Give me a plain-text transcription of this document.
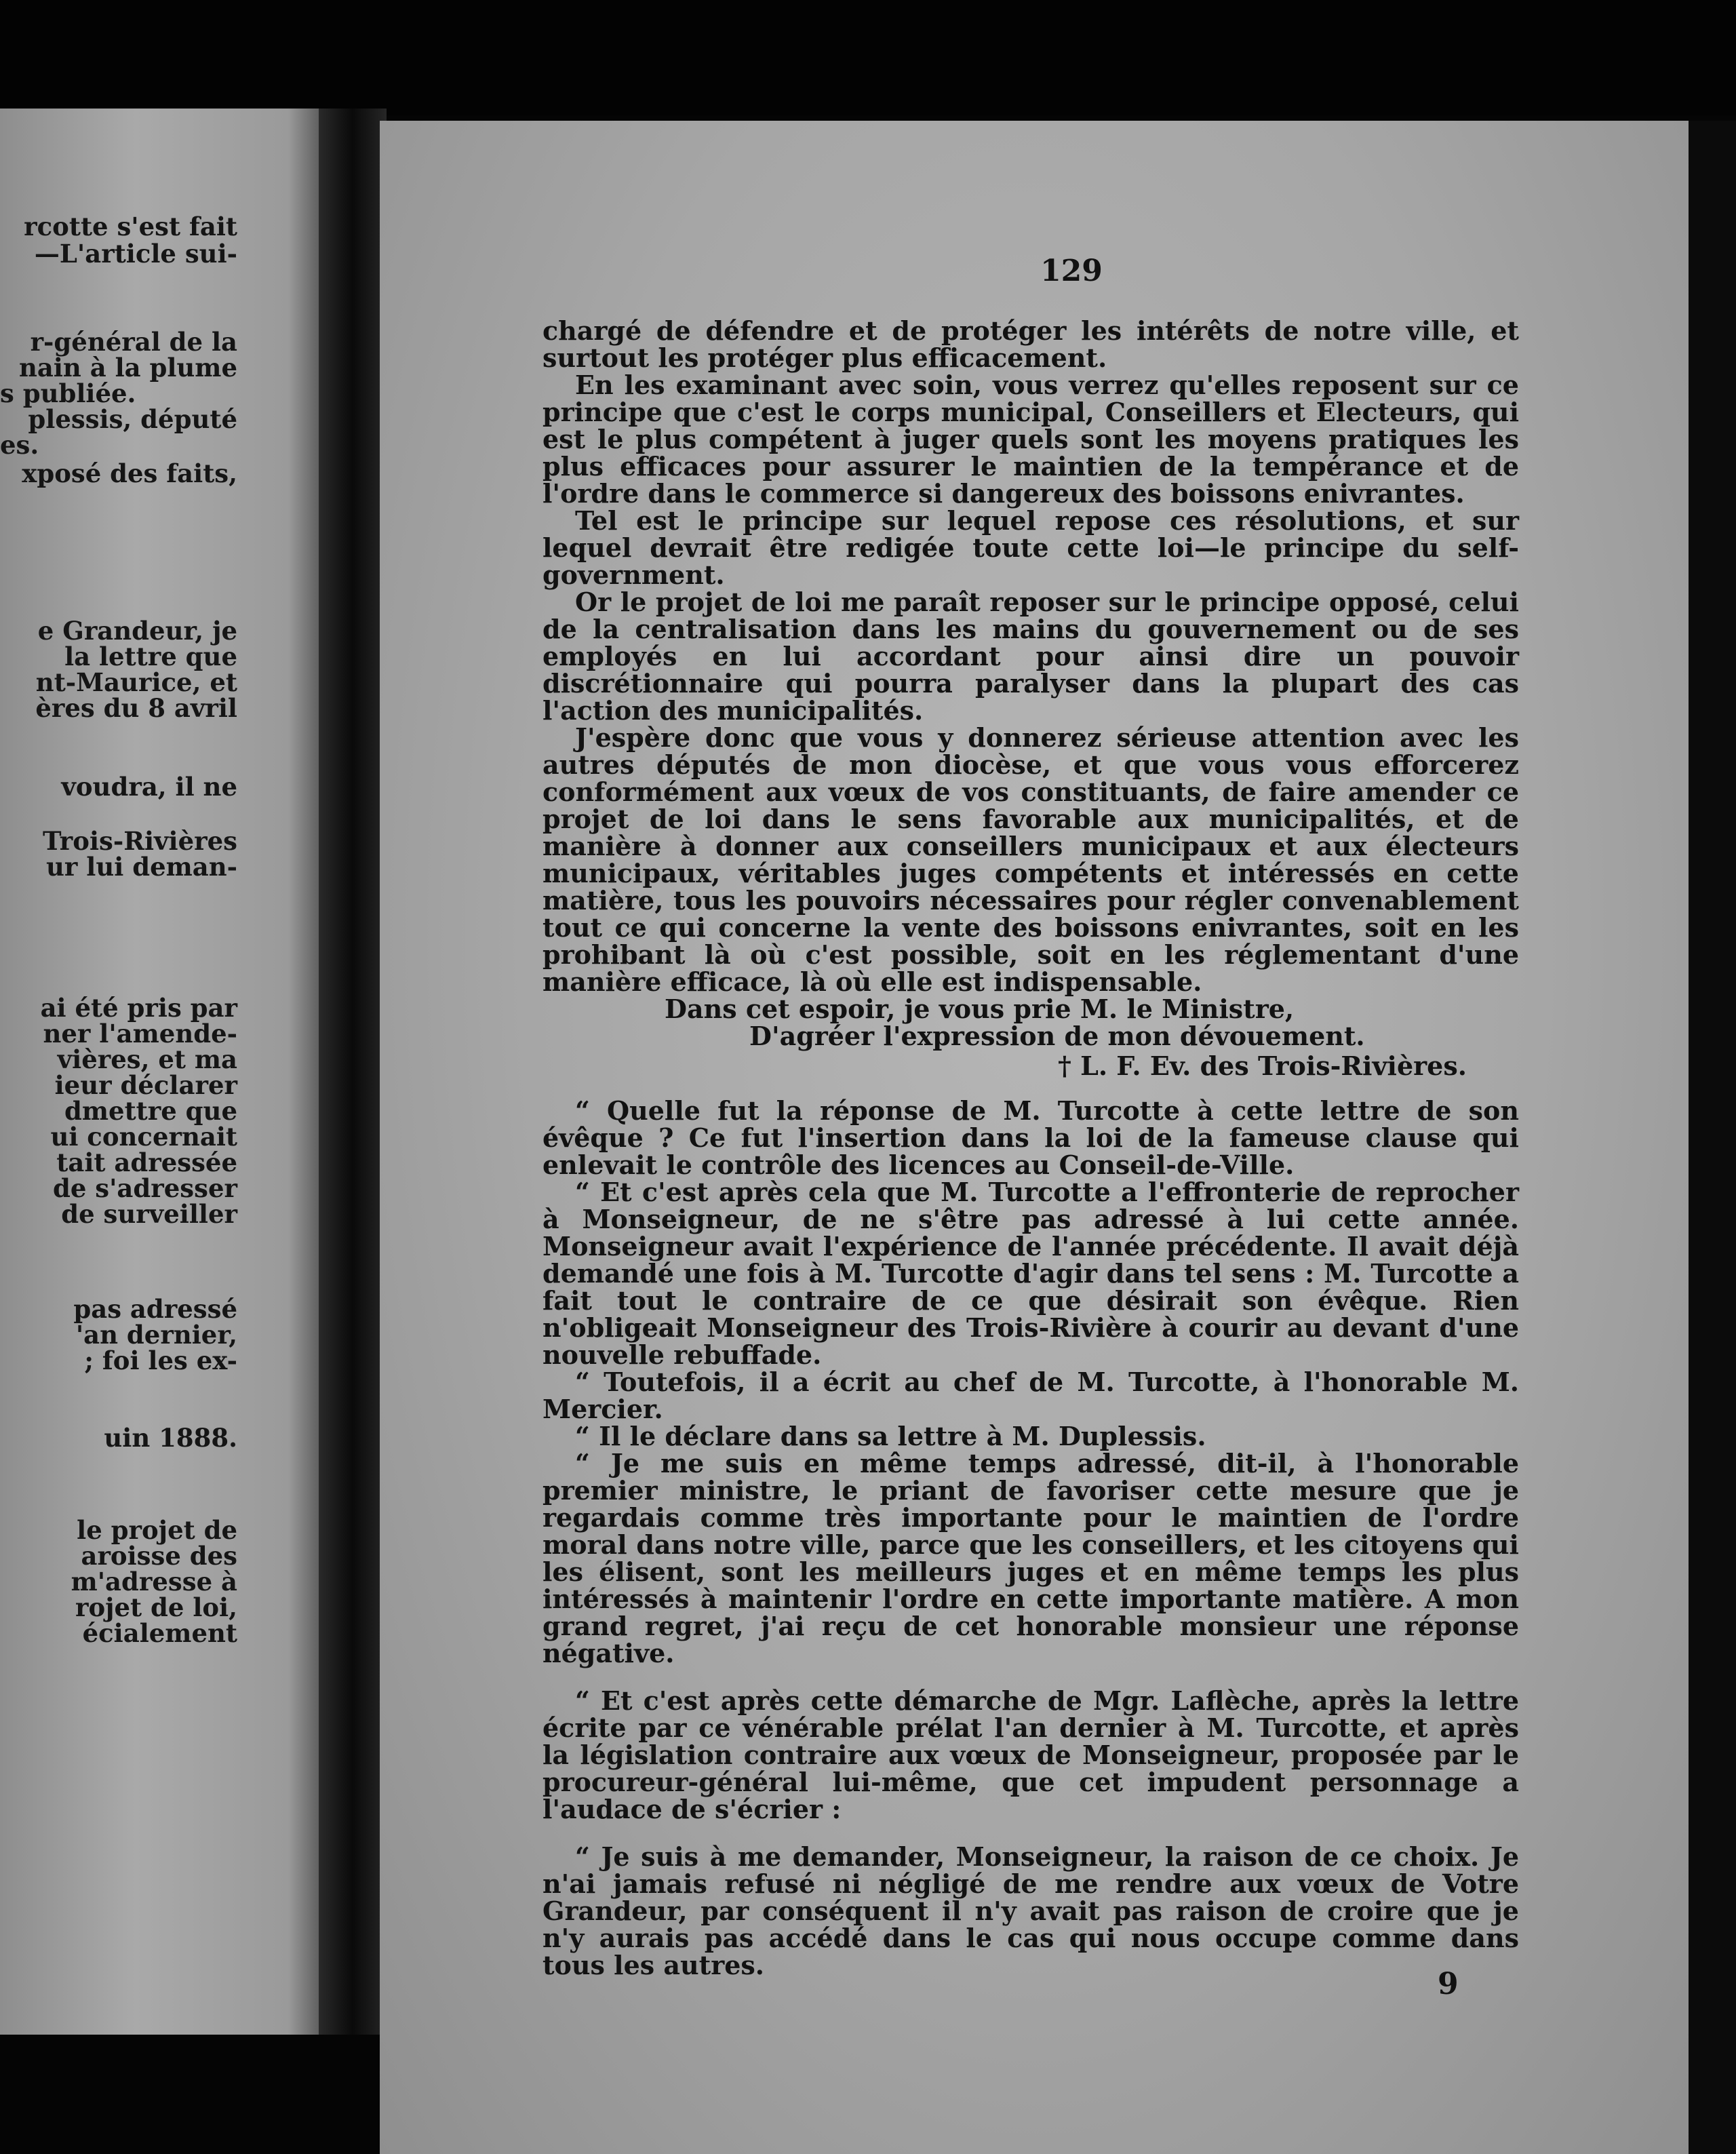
rcotte s'est fait
—L'article sui-
r-général de la
nain à la plume
s publiée.
plessis, député
es.
xposé des faits,
e Grandeur, je
la lettre que
nt-Maurice, et
ères du 8 avril
voudra, il ne
Trois-Rivières
ur lui deman-
ai été pris par
ner l'amende-
vières, et ma
ieur déclarer
dmettre que
ui concernait
tait adressée
de s'adresser
de surveiller
pas adressé
'an dernier,
; foi les ex-
uin 1888.
le projet de
aroisse des
m'adresse à
rojet de loi,
écialement
129

chargé de défendre et de protéger les intérêts de notre ville, et surtout les protéger plus efficacement.

En les examinant avec soin, vous verrez qu'elles reposent sur ce principe que c'est le corps municipal, Conseillers et Electeurs, qui est le plus compétent à juger quels sont les moyens pratiques les plus efficaces pour assurer le maintien de la tempérance et de l'ordre dans le commerce si dangereux des boissons enivrantes.

Tel est le principe sur lequel repose ces résolutions, et sur lequel devrait être redigée toute cette loi—le principe du self-government.

Or le projet de loi me paraît reposer sur le principe opposé, celui de la centralisation dans les mains du gouvernement ou de ses employés en lui accordant pour ainsi dire un pouvoir discrétionnaire qui pourra paralyser dans la plupart des cas l'action des municipalités.

J'espère donc que vous y donnerez sérieuse attention avec les autres députés de mon diocèse, et que vous vous efforcerez conformément aux vœux de vos constituants, de faire amender ce projet de loi dans le sens favorable aux municipalités, et de manière à donner aux conseillers municipaux et aux électeurs municipaux, véritables juges compétents et intéressés en cette matière, tous les pouvoirs nécessaires pour régler convenablement tout ce qui concerne la vente des boissons enivrantes, soit en les prohibant là où c'est possible, soit en les réglementant d'une manière efficace, là où elle est indispensable.

Dans cet espoir, je vous prie M. le Ministre,
D'agréer l'expression de mon dévouement.
† L. F. Ev. des Trois-Rivières.

“ Quelle fut la réponse de M. Turcotte à cette lettre de son évêque ? Ce fut l'insertion dans la loi de la fameuse clause qui enlevait le contrôle des licences au Conseil-de-Ville.

“ Et c'est après cela que M. Turcotte a l'effronterie de reprocher à Monseigneur, de ne s'être pas adressé à lui cette année. Monseigneur avait l'expérience de l'année précédente. Il avait déjà demandé une fois à M. Turcotte d'agir dans tel sens : M. Turcotte a fait tout le contraire de ce que désirait son évêque. Rien n'obligeait Monseigneur des Trois-Rivière à courir au devant d'une nouvelle rebuffade.

“ Toutefois, il a écrit au chef de M. Turcotte, à l'honorable M. Mercier.

“ Il le déclare dans sa lettre à M. Duplessis.

“ Je me suis en même temps adressé, dit-il, à l'honorable premier ministre, le priant de favoriser cette mesure que je regardais comme très importante pour le maintien de l'ordre moral dans notre ville, parce que les conseillers, et les citoyens qui les élisent, sont les meilleurs juges et en même temps les plus intéressés à maintenir l'ordre en cette importante matière. A mon grand regret, j'ai reçu de cet honorable monsieur une réponse négative.

“ Et c'est après cette démarche de Mgr. Laflèche, après la lettre écrite par ce vénérable prélat l'an dernier à M. Turcotte, et après la législation contraire aux vœux de Monseigneur, proposée par le procureur-général lui-même, que cet impudent personnage a l'audace de s'écrier :

“ Je suis à me demander, Monseigneur, la raison de ce choix. Je n'ai jamais refusé ni négligé de me rendre aux vœux de Votre Grandeur, par conséquent il n'y avait pas raison de croire que je n'y aurais pas accédé dans le cas qui nous occupe comme dans tous les autres.

9
